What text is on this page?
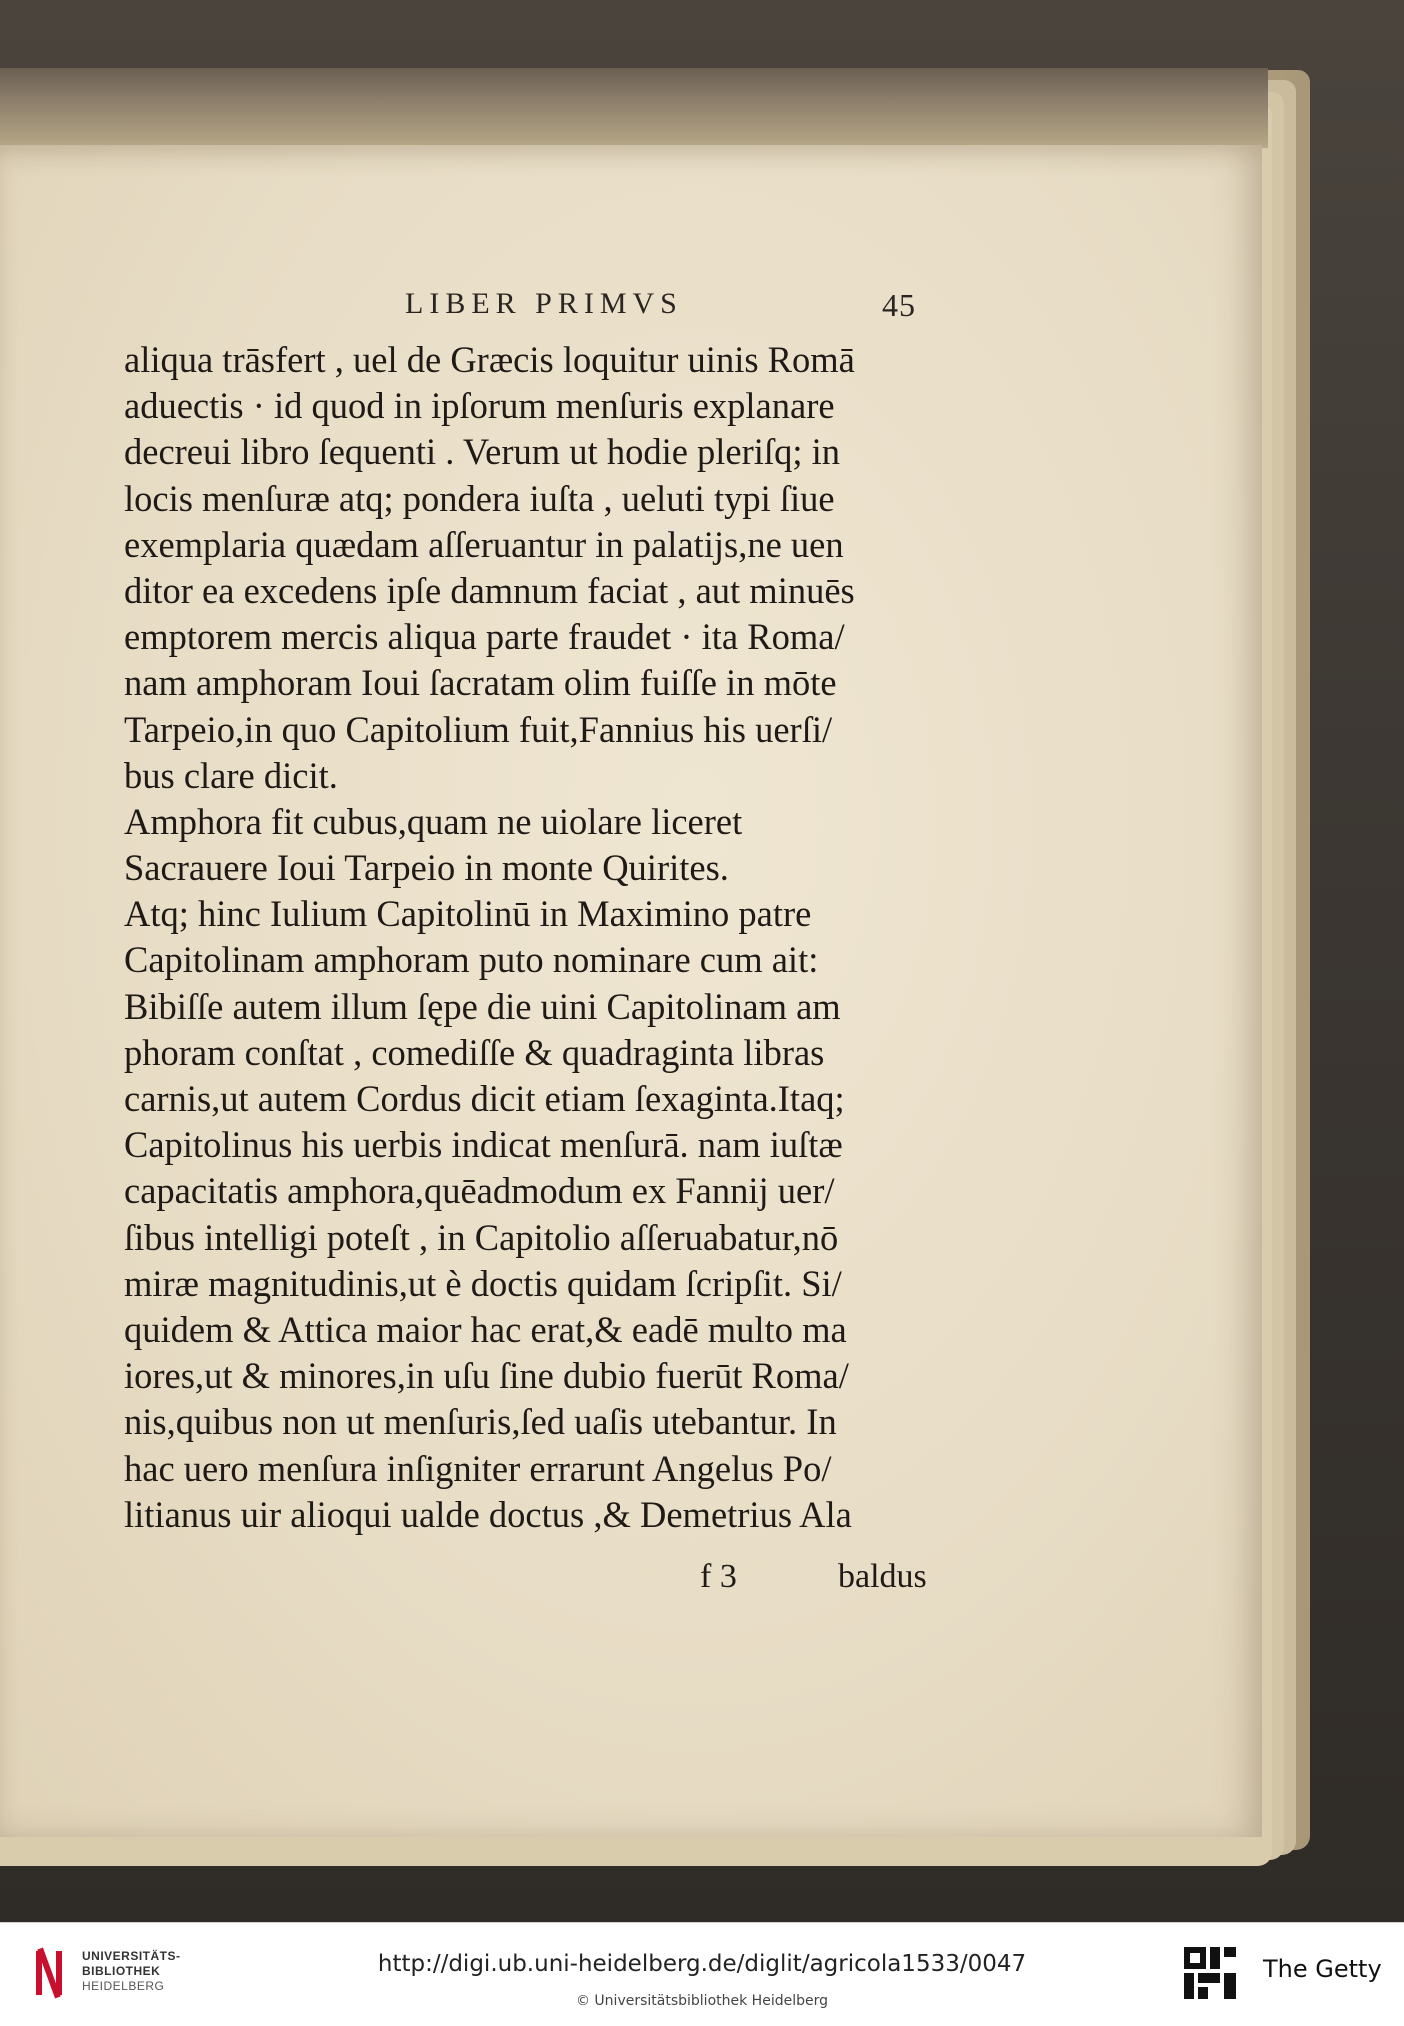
LIBER PRIMVS	45
aliqua trāsfert , uel de Græcis loquitur uinis Romā
aduectis · id quod in ipſorum menſuris explanare
decreui libro ſequenti . Verum ut hodie pleriſq; in
locis menſuræ atq; pondera iuſta , ueluti typi ſiue
exemplaria quædam aſſeruantur in palatijs,ne uen
ditor ea excedens ipſe damnum faciat , aut minuēs
emptorem mercis aliqua parte fraudet · ita Roma/
nam amphoram Ioui ſacratam olim fuiſſe in mōte
Tarpeio,in quo Capitolium fuit,Fannius his uerſi/
bus clare dicit.
Amphora fit cubus,quam ne uiolare liceret
Sacrauere Ioui Tarpeio in monte Quirites.
Atq; hinc Iulium Capitolinū in Maximino patre
Capitolinam amphoram puto nominare cum ait:
Bibiſſe autem illum ſępe die uini Capitolinam am
phoram conſtat , comediſſe & quadraginta libras
carnis,ut autem Cordus dicit etiam ſexaginta.Itaq;
Capitolinus his uerbis indicat menſurā. nam iuſtæ
capacitatis amphora,quēadmodum ex Fannij uer/
ſibus intelligi poteſt , in Capitolio aſſeruabatur,nō
miræ magnitudinis,ut è doctis quidam ſcripſit. Si/
quidem & Attica maior hac erat,& eadē multo ma
iores,ut & minores,in uſu ſine dubio fuerūt Roma/
nis,quibus non ut menſuris,ſed uaſis utebantur. In
hac uero menſura inſigniter errarunt Angelus Po/
litianus uir alioqui ualde doctus ,& Demetrius Ala
f 3	baldus
UNIVERSITÄTS-
BIBLIOTHEK
HEIDELBERG
http://digi.ub.uni-heidelberg.de/diglit/agricola1533/0047
© Universitätsbibliothek Heidelberg
The Getty
